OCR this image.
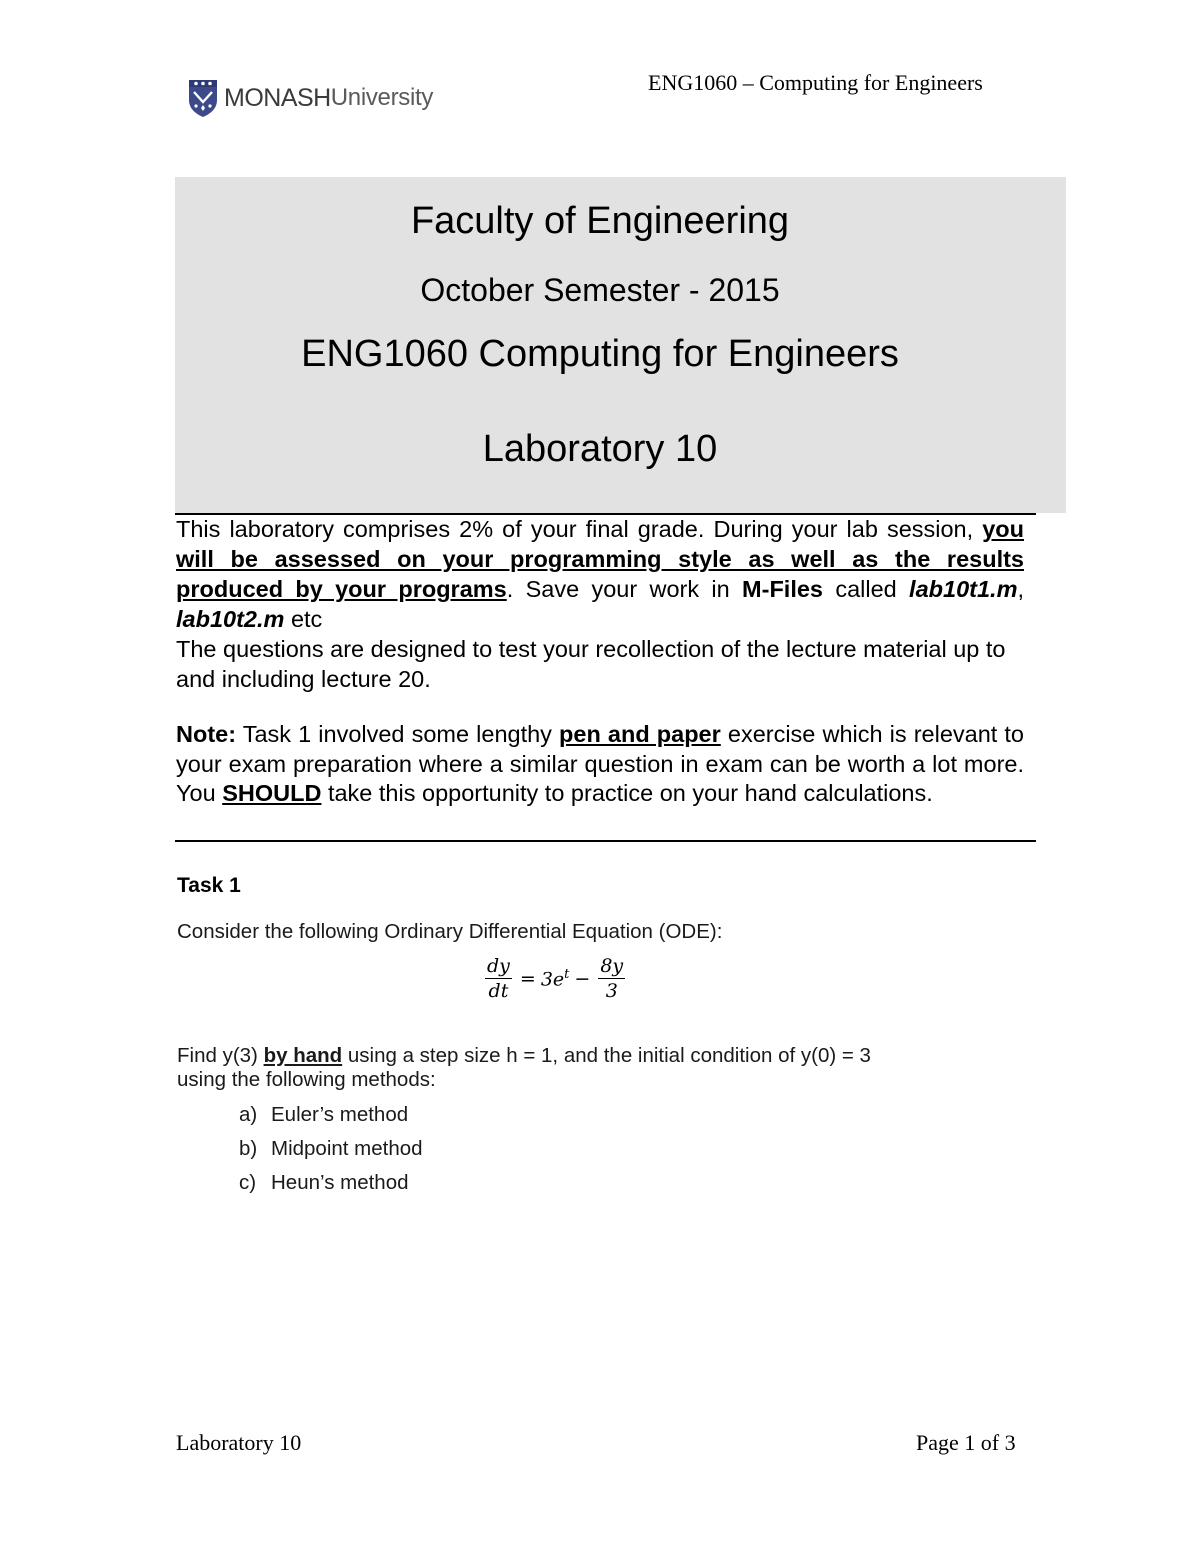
MONASH University
ENG1060 – Computing for Engineers
Faculty of Engineering
October Semester - 2015
ENG1060 Computing for Engineers
Laboratory 10

This laboratory comprises 2% of your final grade. During your lab session, you will be assessed on your programming style as well as the results produced by your programs. Save your work in M-Files called lab10t1.m, lab10t2.m etc

The questions are designed to test your recollection of the lecture material up to and including lecture 20.

Note: Task 1 involved some lengthy pen and paper exercise which is relevant to your exam preparation where a similar question in exam can be worth a lot more. You SHOULD take this opportunity to practice on your hand calculations.
Task 1
Consider the following Ordinary Differential Equation (ODE):
$\frac{dy}{dt} = 3e^t - \frac{8y}{3}$

Find y(3) by hand using a step size h = 1, and the initial condition of y(0) = 3

using the following methods:

a) Euler’s method
b) Midpoint method
c) Heun’s method
Laboratory 10	Page 1 of 3
